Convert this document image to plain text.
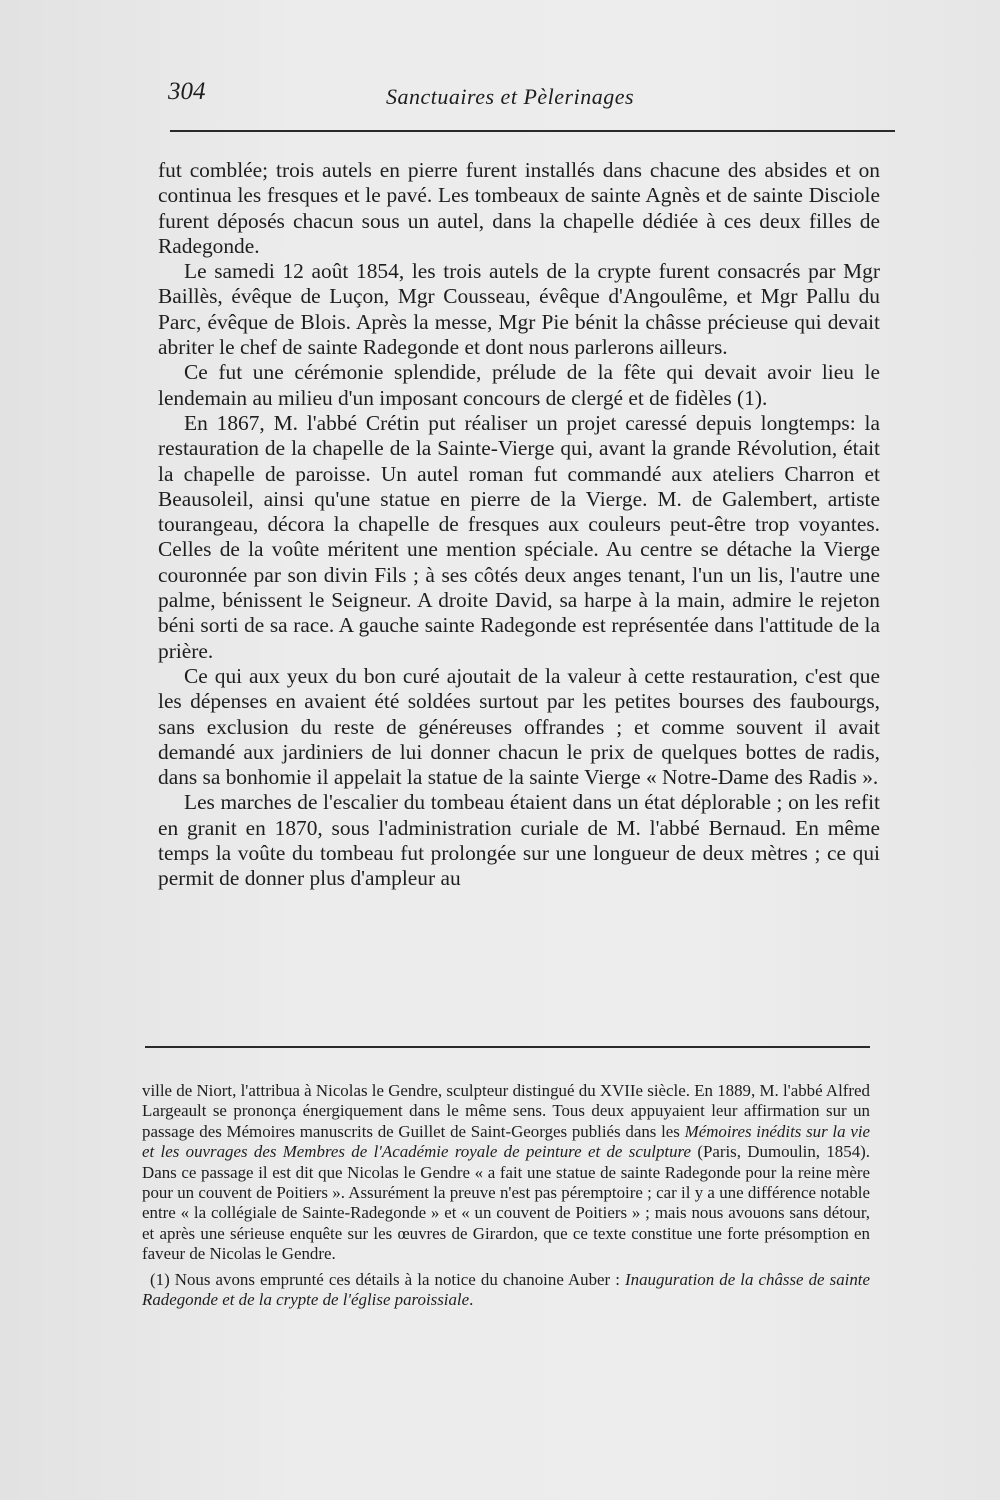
304	Sanctuaires et Pèlerinages

fut comblée; trois autels en pierre furent installés dans chacune des absides et on continua les fresques et le pavé. Les tombeaux de sainte Agnès et de sainte Disciole furent déposés chacun sous un autel, dans la chapelle dédiée à ces deux filles de Radegonde.

Le samedi 12 août 1854, les trois autels de la crypte furent consacrés par Mgr Baillès, évêque de Luçon, Mgr Cousseau, évêque d'Angoulême, et Mgr Pallu du Parc, évêque de Blois. Après la messe, Mgr Pie bénit la châsse précieuse qui devait abriter le chef de sainte Radegonde et dont nous parlerons ailleurs.

Ce fut une cérémonie splendide, prélude de la fête qui devait avoir lieu le lendemain au milieu d'un imposant concours de clergé et de fidèles (1).

En 1867, M. l'abbé Crétin put réaliser un projet caressé depuis longtemps: la restauration de la chapelle de la Sainte-Vierge qui, avant la grande Révolution, était la chapelle de paroisse. Un autel roman fut commandé aux ateliers Charron et Beausoleil, ainsi qu'une statue en pierre de la Vierge. M. de Galembert, artiste tourangeau, décora la chapelle de fresques aux couleurs peut-être trop voyantes. Celles de la voûte méritent une mention spéciale. Au centre se détache la Vierge couronnée par son divin Fils ; à ses côtés deux anges tenant, l'un un lis, l'autre une palme, bénissent le Seigneur. A droite David, sa harpe à la main, admire le rejeton béni sorti de sa race. A gauche sainte Radegonde est représentée dans l'attitude de la prière.

Ce qui aux yeux du bon curé ajoutait de la valeur à cette restauration, c'est que les dépenses en avaient été soldées surtout par les petites bourses des faubourgs, sans exclusion du reste de généreuses offrandes ; et comme souvent il avait demandé aux jardiniers de lui donner chacun le prix de quelques bottes de radis, dans sa bonhomie il appelait la statue de la sainte Vierge « Notre-Dame des Radis ».

Les marches de l'escalier du tombeau étaient dans un état déplorable ; on les refit en granit en 1870, sous l'administration curiale de M. l'abbé Bernaud. En même temps la voûte du tombeau fut prolongée sur une longueur de deux mètres ; ce qui permit de donner plus d'ampleur au

ville de Niort, l'attribua à Nicolas le Gendre, sculpteur distingué du XVIIe siècle. En 1889, M. l'abbé Alfred Largeault se prononça énergiquement dans le même sens. Tous deux appuyaient leur affirmation sur un passage des Mémoires manuscrits de Guillet de Saint-Georges publiés dans les Mémoires inédits sur la vie et les ouvrages des Membres de l'Académie royale de peinture et de sculpture (Paris, Dumoulin, 1854). Dans ce passage il est dit que Nicolas le Gendre « a fait une statue de sainte Radegonde pour la reine mère pour un couvent de Poitiers ». Assurément la preuve n'est pas péremptoire ; car il y a une différence notable entre « la collégiale de Sainte-Radegonde » et « un couvent de Poitiers » ; mais nous avouons sans détour, et après une sérieuse enquête sur les œuvres de Girardon, que ce texte constitue une forte présomption en faveur de Nicolas le Gendre.

(1) Nous avons emprunté ces détails à la notice du chanoine Auber : Inauguration de la châsse de sainte Radegonde et de la crypte de l'église paroissiale.
